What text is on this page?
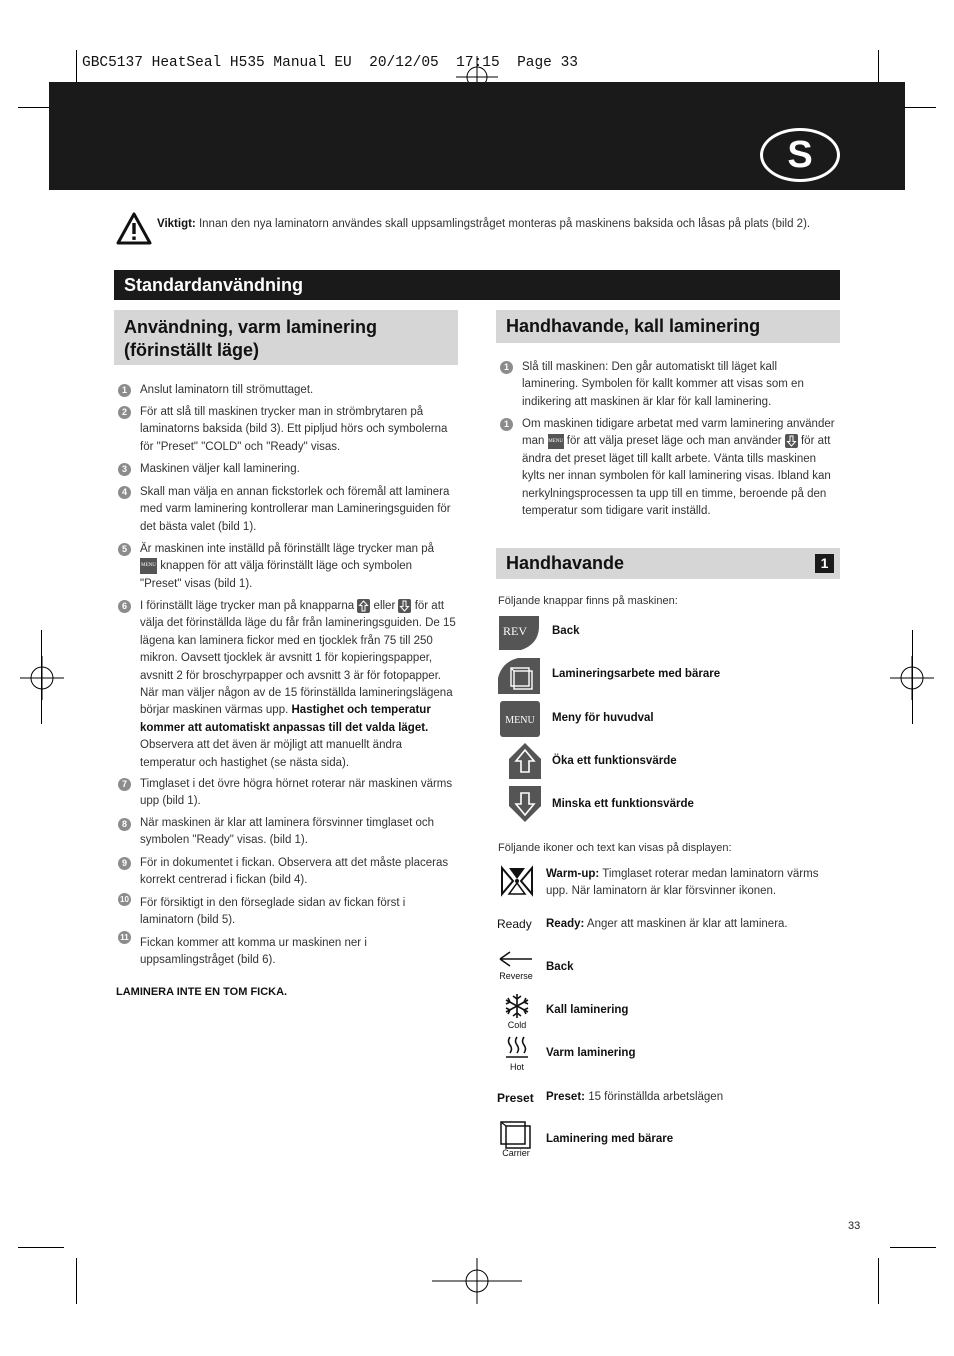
GBC5137 HeatSeal H535 Manual EU  20/12/05  17:15  Page 33
S
Viktigt: Innan den nya laminatorn användes skall uppsamlingstråget monteras på maskinens baksida och låsas på plats (bild 2).
Standardanvändning
Användning, varm laminering
(förinställt läge)
1	Anslut laminatorn till strömuttaget.
2	För att slå till maskinen trycker man in strömbrytaren på laminatorns baksida (bild 3). Ett pipljud hörs och symbolerna för "Preset" "COLD" och "Ready" visas.
3	Maskinen väljer kall laminering.
4	Skall man välja en annan fickstorlek och föremål att laminera med varm laminering kontrollerar man Lamineringsguiden för det bästa valet (bild 1).
5	Är maskinen inte inställd på förinställt läge trycker man på MENU knappen för att välja förinställt läge och symbolen "Preset" visas (bild 1).
6	I förinställt läge trycker man på knapparna eller för att välja det förinställda läge du får från lamineringsguiden. De 15 lägena kan laminera fickor med en tjocklek från 75 till 250 mikron. Oavsett tjocklek är avsnitt 1 för kopieringspapper, avsnitt 2 för broschyrpapper och avsnitt 3 är för fotopapper. När man väljer någon av de 15 förinställda lamineringslägena börjar maskinen värmas upp. Hastighet och temperatur kommer att automatiskt anpassas till det valda läget. Observera att det även är möjligt att manuellt ändra temperatur och hastighet (se nästa sida).
7	Timglaset i det övre högra hörnet roterar när maskinen värms upp (bild 1).
8	När maskinen är klar att laminera försvinner timglaset och symbolen "Ready" visas. (bild 1).
9	För in dokumentet i fickan. Observera att det måste placeras korrekt centrerad i fickan (bild 4).
10 För försiktigt in den förseglade sidan av fickan först i laminatorn (bild 5).
11 Fickan kommer att komma ur maskinen ner i uppsamlingstråget (bild 6).
LAMINERA INTE EN TOM FICKA.
Handhavande, kall laminering
1	Slå till maskinen: Den går automatiskt till läget kall laminering. Symbolen för kallt kommer att visas som en indikering att maskinen är klar för kall laminering.
1	Om maskinen tidigare arbetat med varm laminering använder man MENU för att välja preset läge och man använder för att ändra det preset läget till kallt arbete. Vänta tills maskinen kylts ner innan symbolen för kall laminering visas. Ibland kan nerkylningsprocessen ta upp till en timme, beroende på den temperatur som tidigare varit inställd.
Handhavande	1
Följande knappar finns på maskinen:
REV Back
Lamineringsarbete med bärare
MENU Meny för huvudval
Öka ett funktionsvärde
Minska ett funktionsvärde
Följande ikoner och text kan visas på displayen:
Warm-up: Timglaset roterar medan laminatorn värms upp. När laminatorn är klar försvinner ikonen.
Ready Ready: Anger att maskinen är klar att laminera.
Reverse
Back
Cold
Kall laminering
Hot
Varm laminering
Preset Preset: 15 förinställda arbetslägen
Carrier
Laminering med bärare
33
